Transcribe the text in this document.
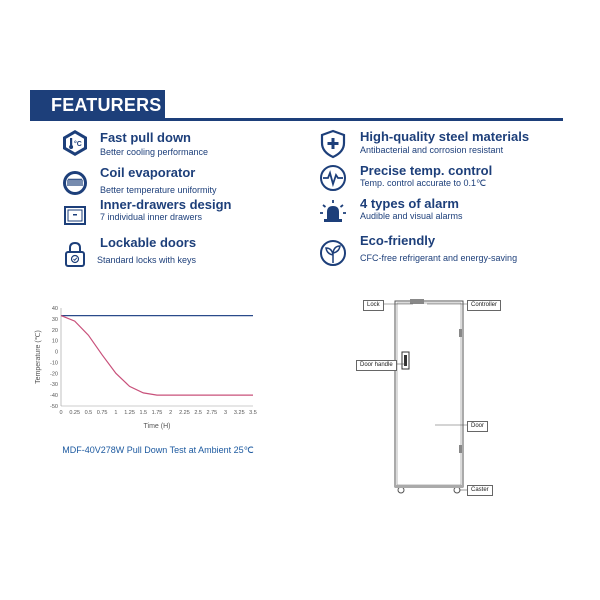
FEATURERS
°C Fast pull down
Better cooling performance
Coil evaporator
Better temperature uniformity
Inner-drawers design
7 individual inner drawers
Lockable doors
Standard locks with keys
High-quality steel materials
Antibacterial and corrosion resistant
Precise temp. control
Temp. control accurate to 0.1℃
4 types of alarm
Audible and visual alarms
Eco-friendly
CFC-free refrigerant and energy-saving
40
30
20
10
0
-10
-20
-30
-40
-50
0 0.25 0.5 0.75 1 1.25 1.5 1.75 2 2.25 2.5 2.75 3 3.25 3.5
Time (H)
Temperature (℃)
MDF-40V278W Pull Down Test at Ambient 25℃
Lock	Controller
Door handle
Door
Caster
